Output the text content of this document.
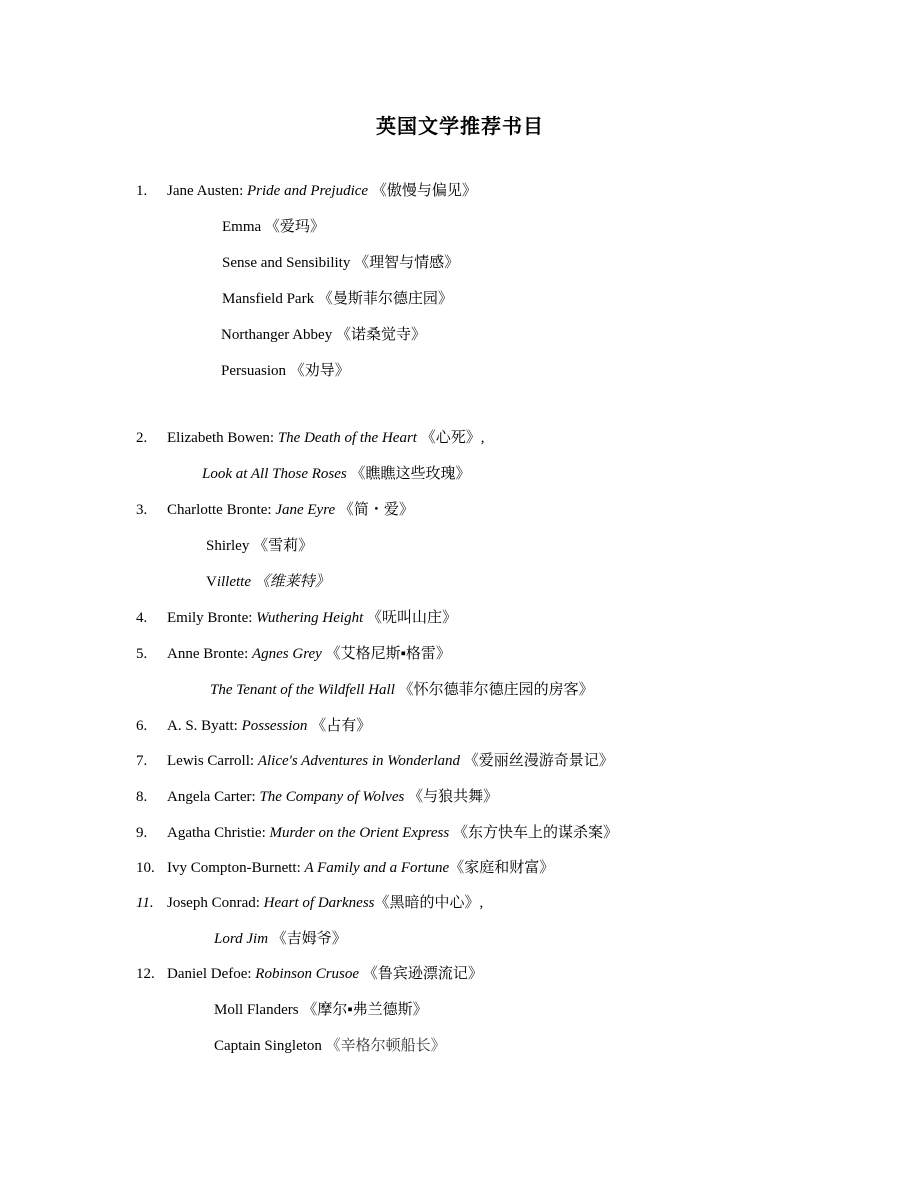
英国文学推荐书目
1. Jane Austen: Pride and Prejudice 《傲慢与偏见》
Emma 《爱玛》
Sense and Sensibility 《理智与情感》
Mansfield Park 《曼斯菲尔德庄园》
Northanger Abbey 《诺桑觉寺》
Persuasion 《劝导》
2. Elizabeth Bowen: The Death of the Heart 《心死》,
Look at All Those Roses 《瞧瞧这些玫瑰》
3. Charlotte Bronte: Jane Eyre 《简・爱》
Shirley 《雪莉》
Villette 《维莱特》
4. Emily Bronte: Wuthering Height 《呒叫山庄》
5. Anne Bronte: Agnes Grey 《艾格尼斯▪格雷》
The Tenant of the Wildfell Hall 《怀尔德菲尔德庄园的房客》
6. A. S. Byatt: Possession 《占有》
7. Lewis Carroll: Alice's Adventures in Wonderland 《爱丽丝漫游奇景记》
8. Angela Carter: The Company of Wolves 《与狼共舞》
9. Agatha Christie: Murder on the Orient Express 《东方快车上的谋杀案》
10. Ivy Compton-Burnett: A Family and a Fortune《家庭和财富》
11. Joseph Conrad: Heart of Darkness《黑暗的中心》,
Lord Jim 《吉姆爷》
12. Daniel Defoe: Robinson Crusoe 《鲁宾逊漂流记》
Moll Flanders 《摩尔▪弗兰德斯》
Captain Singleton 《辛格尔顿船长》
